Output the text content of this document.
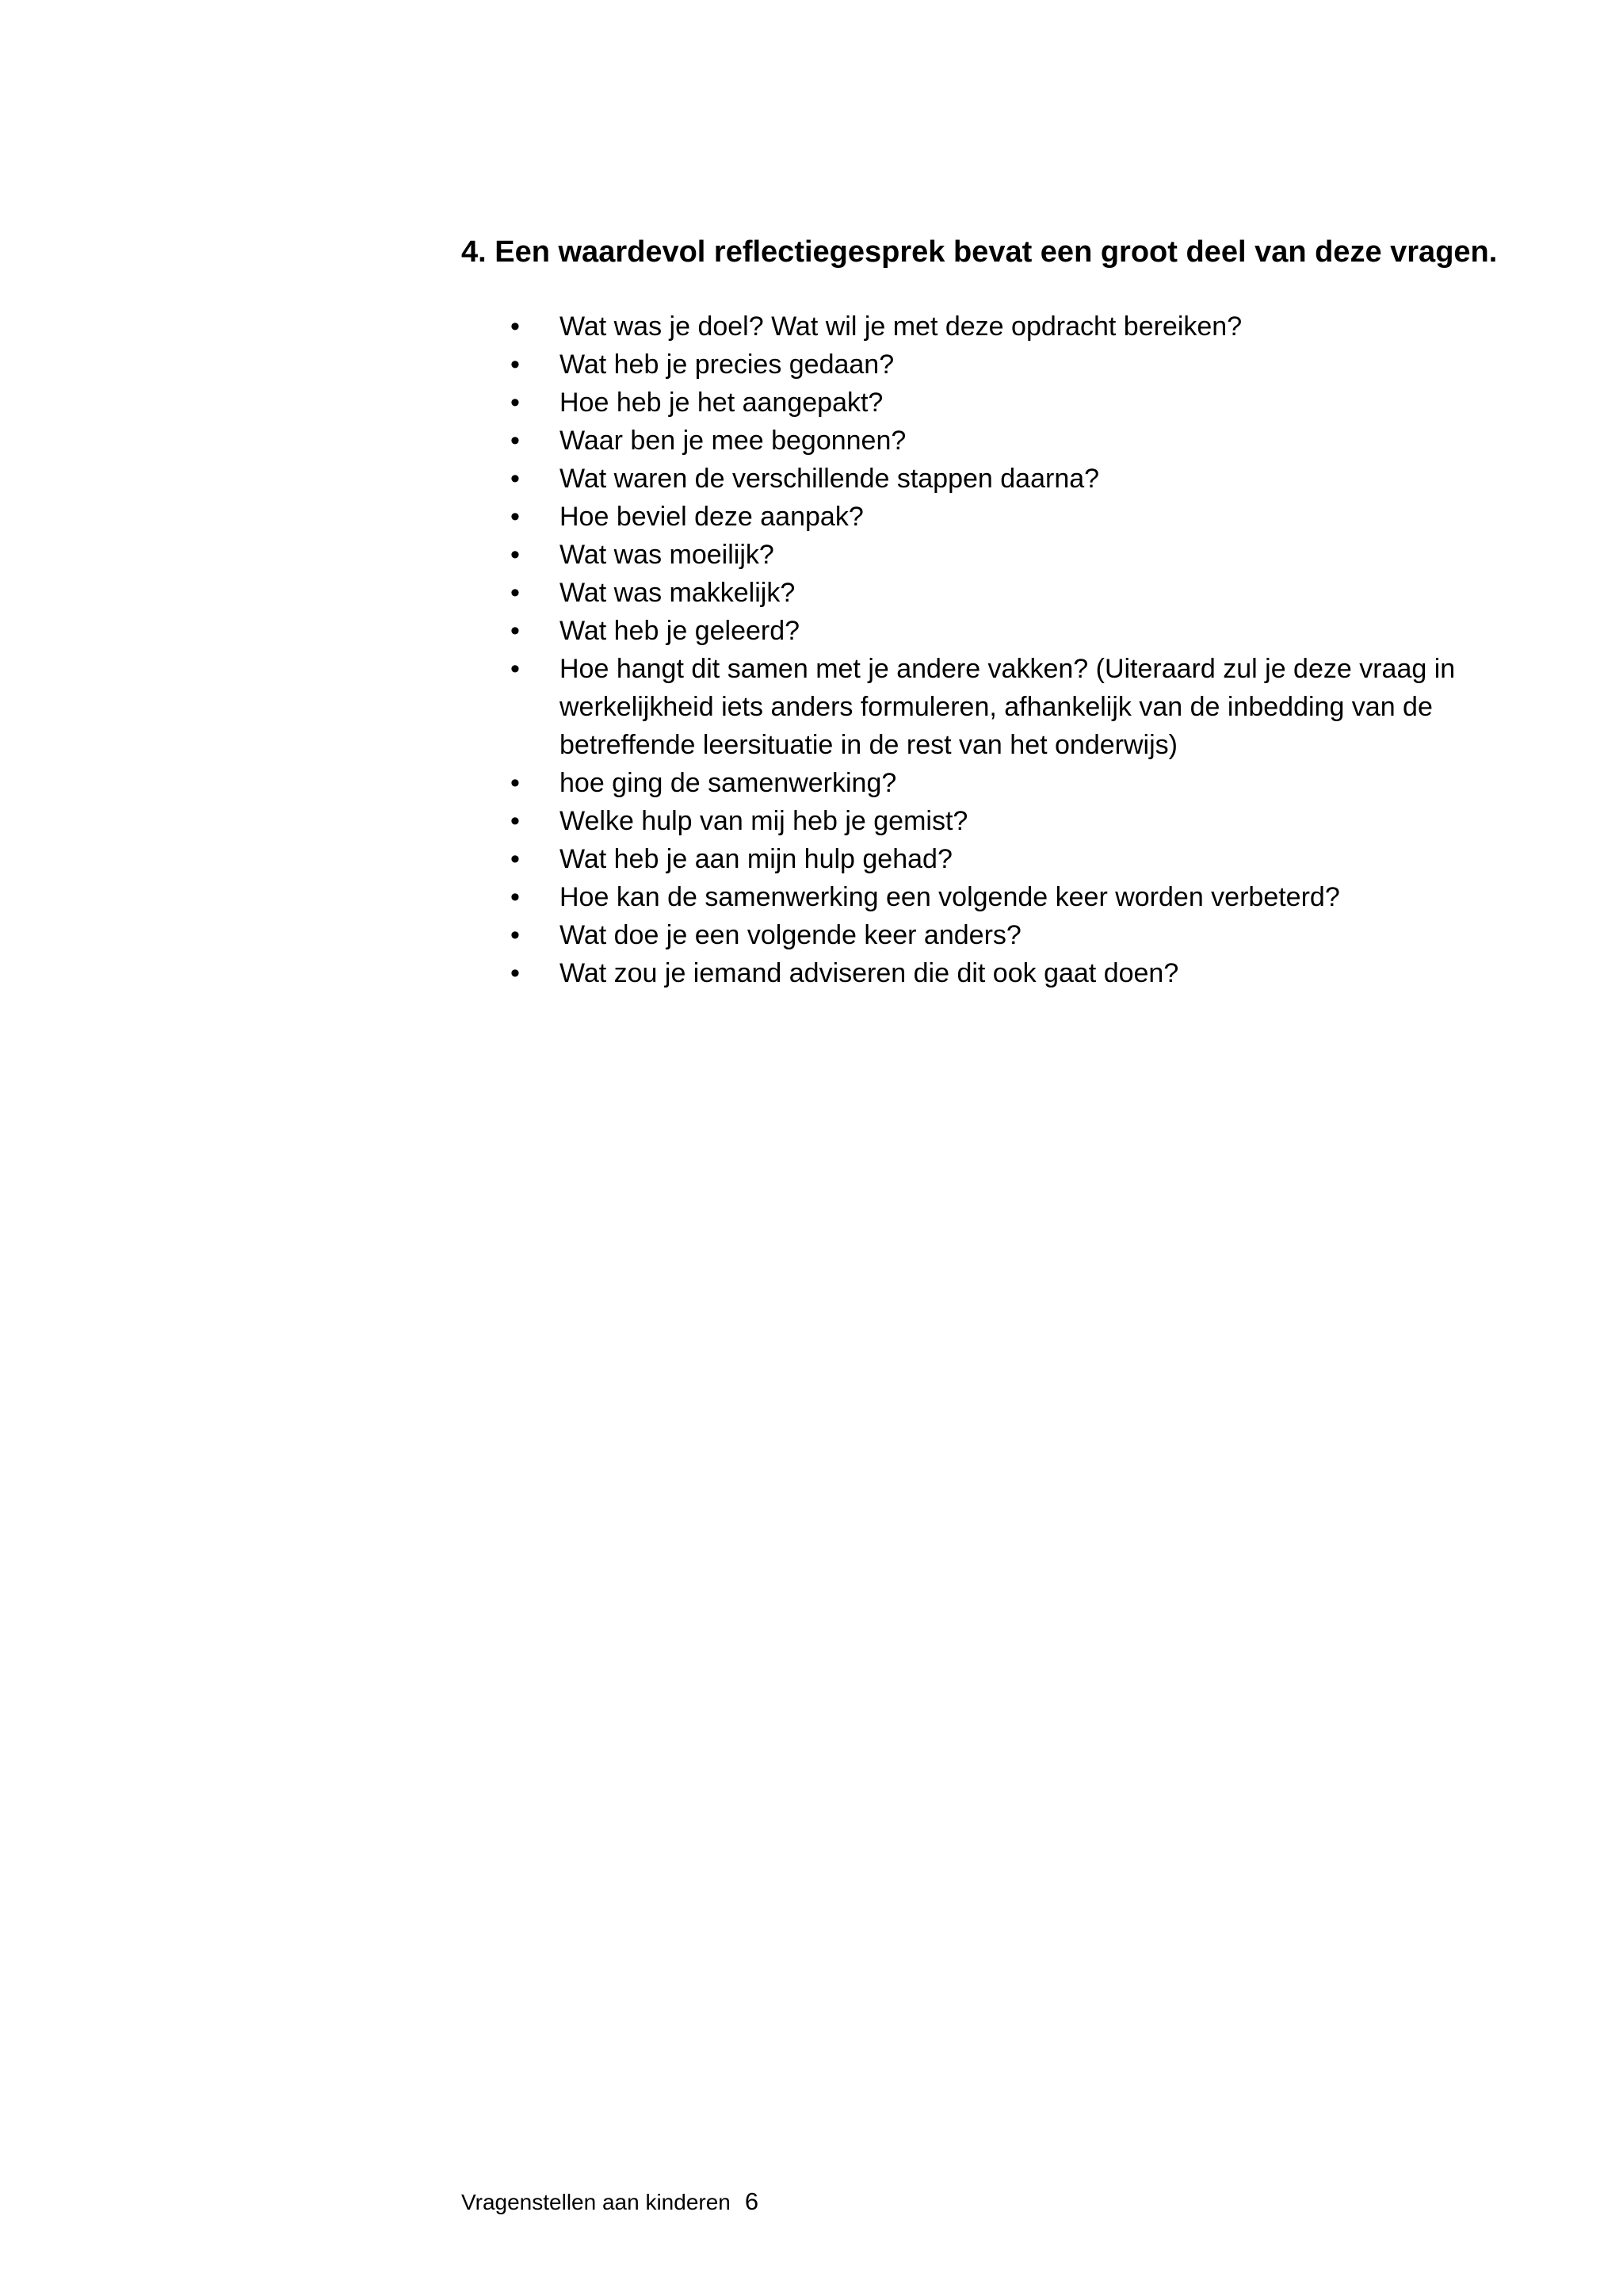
4. Een waardevol reflectiegesprek bevat een groot deel van deze vragen.
• Wat was je doel? Wat wil je met deze opdracht bereiken?
• Wat heb je precies gedaan?
• Hoe heb je het aangepakt?
• Waar ben je mee begonnen?
• Wat waren de verschillende stappen daarna?
• Hoe beviel deze aanpak?
• Wat was moeilijk?
• Wat was makkelijk?
• Wat heb je geleerd?
• Hoe hangt dit samen met je andere vakken? (Uiteraard zul je deze vraag in werkelijkheid iets anders formuleren, afhankelijk van de inbedding van de betreffende leersituatie in de rest van het onderwijs)
• hoe ging de samenwerking?
• Welke hulp van mij heb je gemist?
• Wat heb je aan mijn hulp gehad?
• Hoe kan de samenwerking een volgende keer worden verbeterd?
• Wat doe je een volgende keer anders?
• Wat zou je iemand adviseren die dit ook gaat doen?
Vragenstellen aan kinderen 6
